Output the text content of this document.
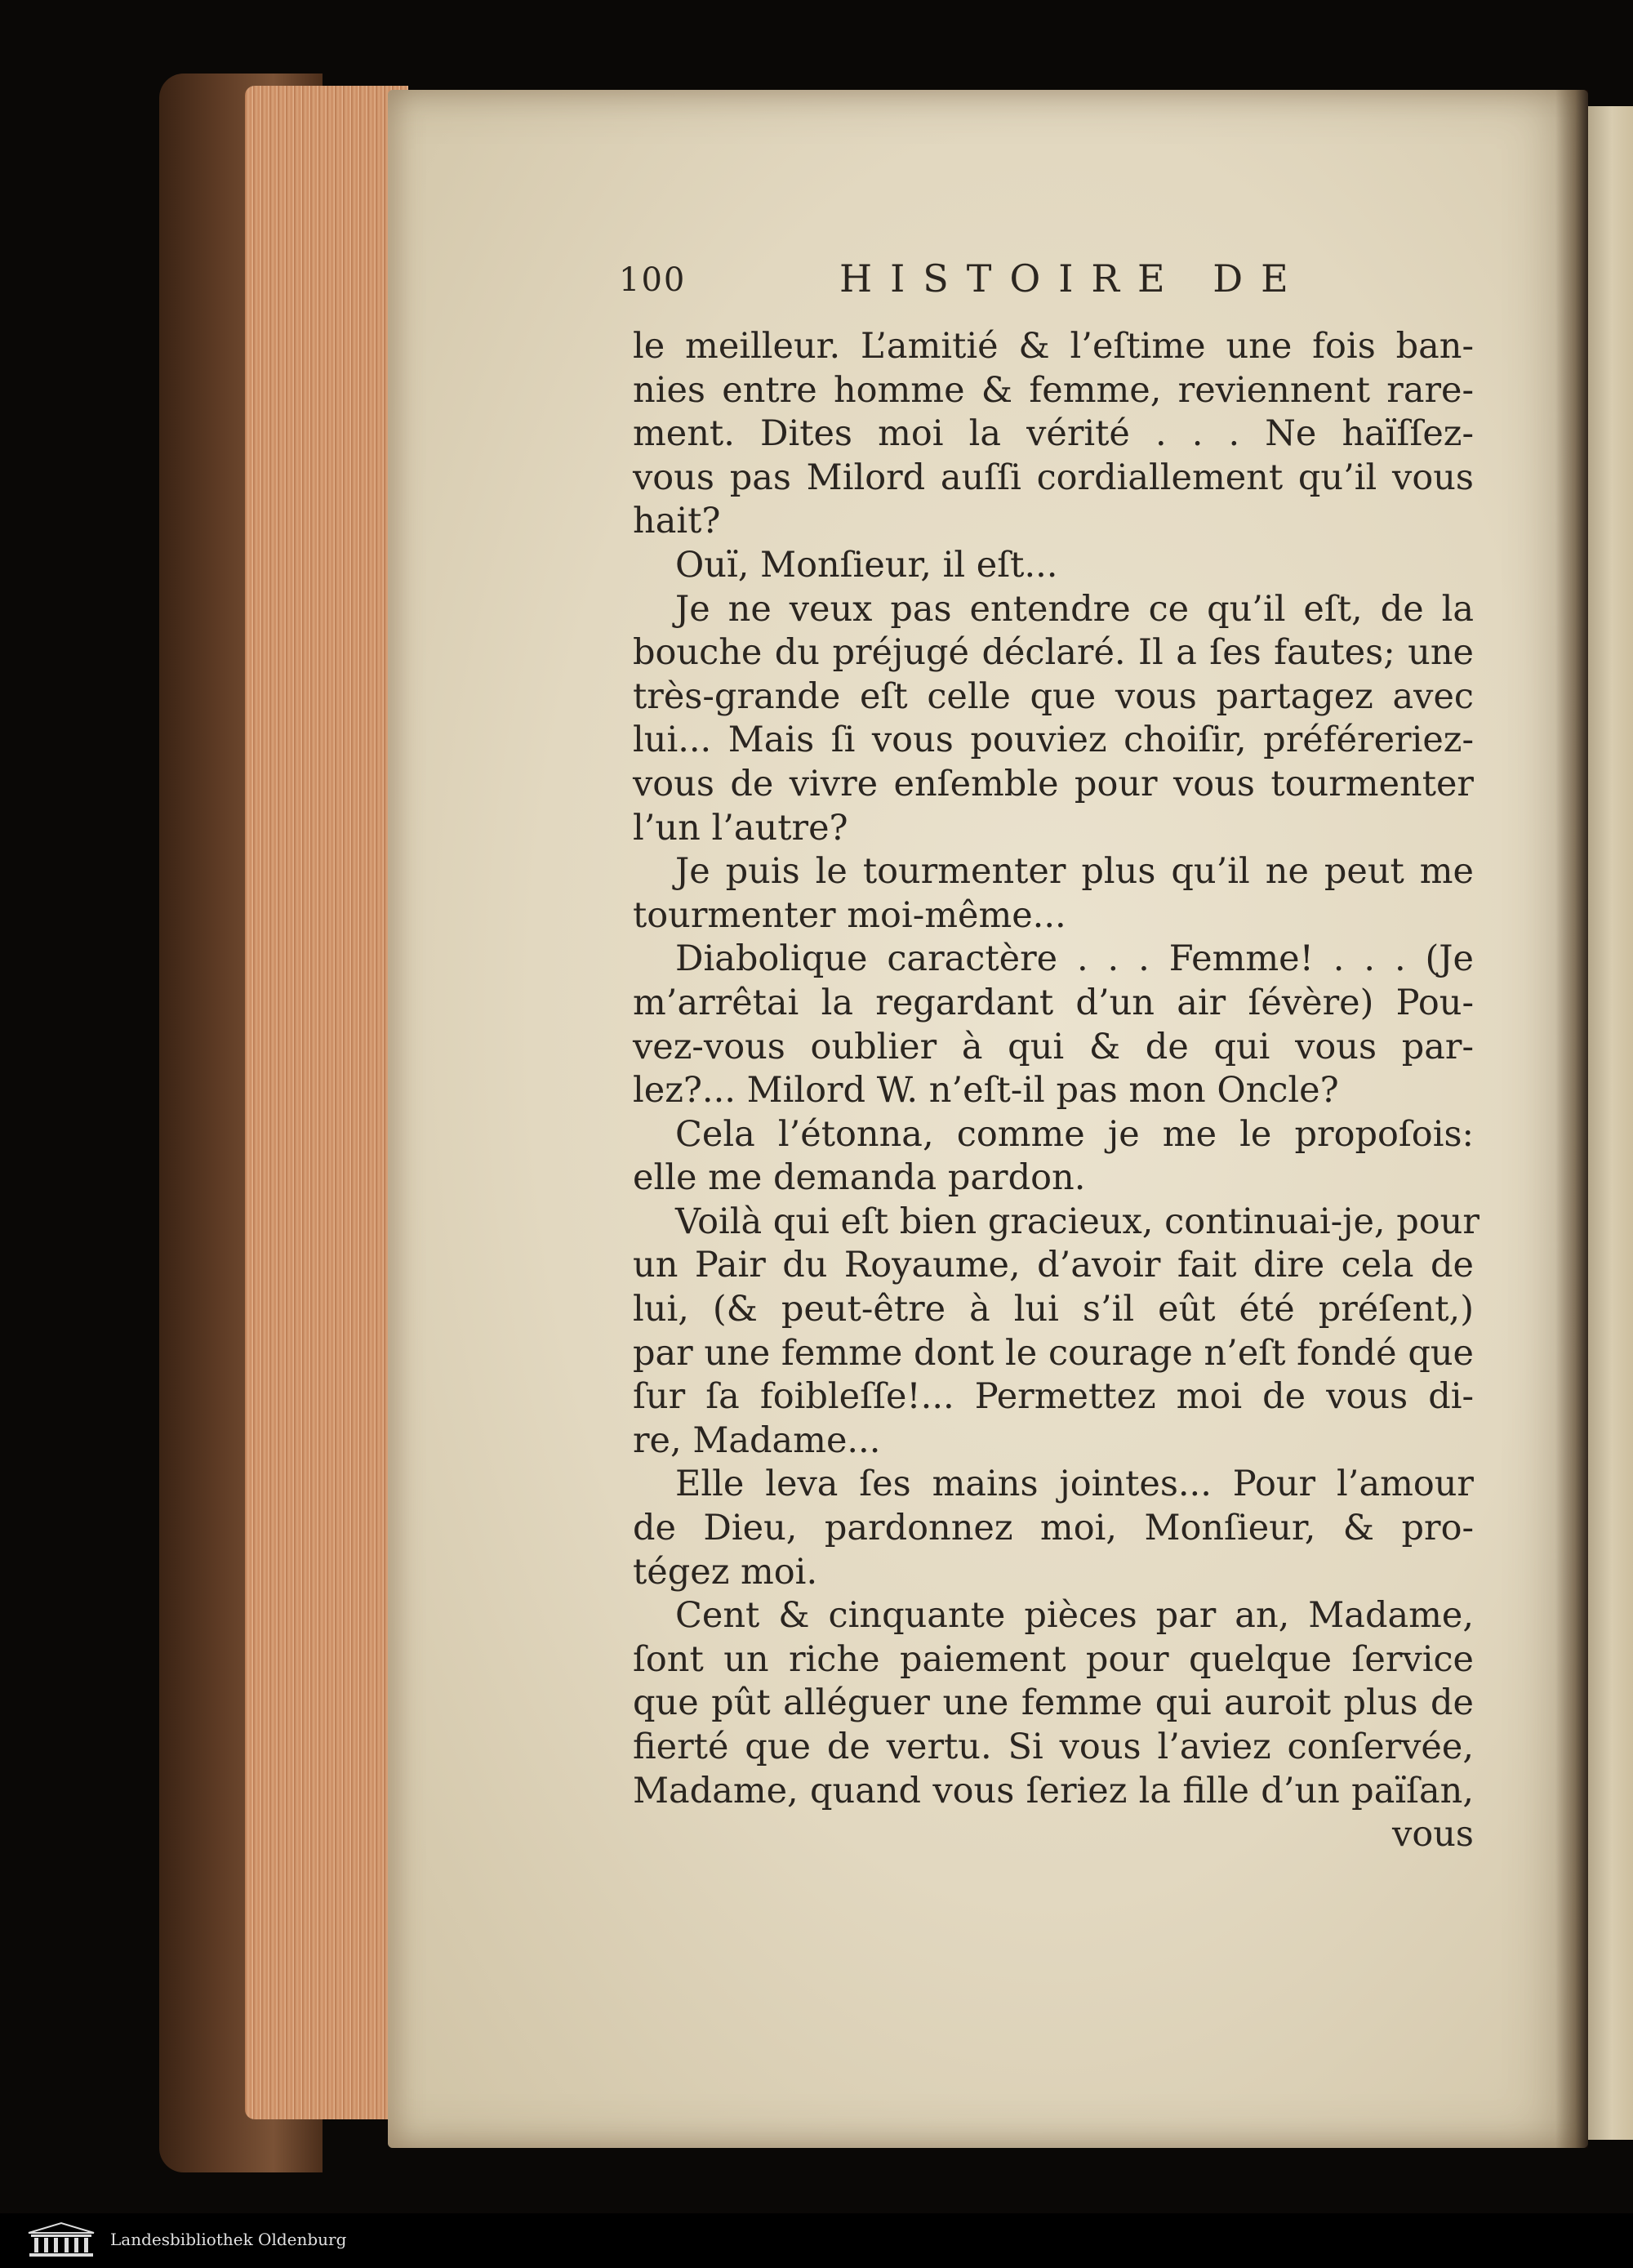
100	HISTOIRE DE
le meilleur. L’amitié & l’eſtime une fois ban-
nies entre homme & femme, reviennent rare-
ment. Dites moi la vérité . . . Ne haïſſez-
vous pas Milord auſſi cordiallement qu’il vous
hait?
Ouï, Monſieur, il eſt...
Je ne veux pas entendre ce qu’il eſt, de la
bouche du préjugé déclaré. Il a ſes fautes; une
très-grande eſt celle que vous partagez avec
lui... Mais ſi vous pouviez choiſir, préféreriez-
vous de vivre enſemble pour vous tourmenter
l’un l’autre?
Je puis le tourmenter plus qu’il ne peut me
tourmenter moi-même...
Diabolique caractère . . . Femme! . . . (Je
m’arrêtai la regardant d’un air ſévère) Pou-
vez-vous oublier à qui & de qui vous par-
lez?... Milord W. n’eſt-il pas mon Oncle?
Cela l’étonna, comme je me le propoſois:
elle me demanda pardon.
Voilà qui eſt bien gracieux, continuai-je, pour
un Pair du Royaume, d’avoir fait dire cela de
lui, (& peut-être à lui s’il eût été préſent,)
par une femme dont le courage n’eſt fondé que
ſur ſa foibleſſe!... Permettez moi de vous di-
re, Madame...
Elle leva ſes mains jointes... Pour l’amour
de Dieu, pardonnez moi, Monſieur, & pro-
tégez moi.
Cent & cinquante pièces par an, Madame,
ſont un riche paiement pour quelque ſervice
que pût alléguer une femme qui auroit plus de
fierté que de vertu. Si vous l’aviez conſervée,
Madame, quand vous ſeriez la fille d’un païſan,
vous
Landesbibliothek Oldenburg
